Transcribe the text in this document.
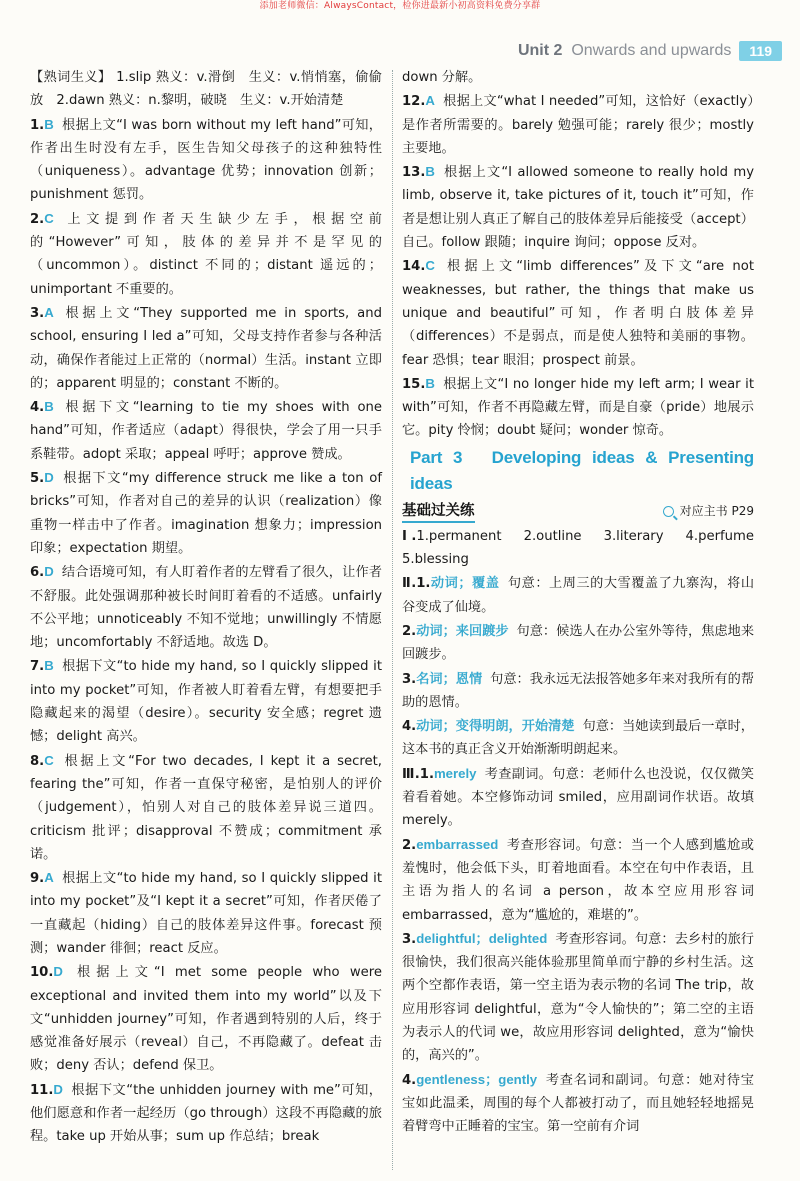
添加老师微信：AlwaysContact，检你进最新小初高资料免费分享群
Unit 2 Onwards and upwards	119

【熟词生义】 1.slip 熟义：v.滑倒　生义：v.悄悄塞，偷偷放　2.dawn 熟义：n.黎明，破晓　生义：v.开始清楚

1.B 根据上文“I was born without my left hand”可知，作者出生时没有左手，医生告知父母孩子的这种独特性（uniqueness）。advantage 优势；innovation 创新；punishment 惩罚。

2.C 上文提到作者天生缺少左手，根据空前的“However”可知，肢体的差异并不是罕见的（uncommon）。distinct 不同的；distant 遥远的；unimportant 不重要的。

3.A 根据上文“They supported me in sports, and school, ensuring I led a”可知，父母支持作者参与各种活动，确保作者能过上正常的（normal）生活。instant 立即的；apparent 明显的；constant 不断的。

4.B 根据下文“learning to tie my shoes with one hand”可知，作者适应（adapt）得很快，学会了用一只手系鞋带。adopt 采取；appeal 呼吁；approve 赞成。

5.D 根据下文“my difference struck me like a ton of bricks”可知，作者对自己的差异的认识（realization）像重物一样击中了作者。imagination 想象力；impression 印象；expectation 期望。

6.D 结合语境可知，有人盯着作者的左臂看了很久，让作者不舒服。此处强调那种被长时间盯着看的不适感。unfairly 不公平地；unnoticeably 不知不觉地；unwillingly 不情愿地；uncomfortably 不舒适地。故选 D。

7.B 根据下文“to hide my hand, so I quickly slipped it into my pocket”可知，作者被人盯着看左臂，有想要把手隐藏起来的渴望（desire）。security 安全感；regret 遗憾；delight 高兴。

8.C 根据上文“For two decades, I kept it a secret, fearing the”可知，作者一直保守秘密，是怕别人的评价（judgement），怕别人对自己的肢体差异说三道四。criticism 批评；disapproval 不赞成；commitment 承诺。

9.A 根据上文“to hide my hand, so I quickly slipped it into my pocket”及“I kept it a secret”可知，作者厌倦了一直藏起（hiding）自己的肢体差异这件事。forecast 预测；wander 徘徊；react 反应。

10.D 根据上文“I met some people who were exceptional and invited them into my world”以及下文“unhidden journey”可知，作者遇到特别的人后，终于感觉准备好展示（reveal）自己，不再隐藏了。defeat 击败；deny 否认；defend 保卫。

11.D 根据下文“the unhidden journey with me”可知，他们愿意和作者一起经历（go through）这段不再隐藏的旅程。take up 开始从事；sum up 作总结；break

down 分解。

12.A 根据上文“what I needed”可知，这恰好（exactly）是作者所需要的。barely 勉强可能；rarely 很少；mostly 主要地。

13.B 根据上文“I allowed someone to really hold my limb, observe it, take pictures of it, touch it”可知，作者是想让别人真正了解自己的肢体差异后能接受（accept）自己。follow 跟随；inquire 询问；oppose 反对。

14.C 根据上文“limb differences”及下文“are not weaknesses, but rather, the things that make us unique and beautiful”可知，作者明白肢体差异（differences）不是弱点，而是使人独特和美丽的事物。fear 恐惧；tear 眼泪；prospect 前景。

15.B 根据上文“I no longer hide my left arm; I wear it with”可知，作者不再隐藏左臂，而是自豪（pride）地展示它。pity 怜悯；doubt 疑问；wonder 惊奇。

Part 3　Developing ideas & Presenting ideas
基础过关练	对应主书 P29

Ⅰ.1.permanent　2.outline　3.literary　4.perfume　5.blessing

Ⅱ.1.动词；覆盖 句意：上周三的大雪覆盖了九寨沟，将山谷变成了仙境。

2.动词；来回踱步 句意：候选人在办公室外等待，焦虑地来回踱步。

3.名词；恩情 句意：我永远无法报答她多年来对我所有的帮助的恩情。

4.动词；变得明朗，开始清楚 句意：当她读到最后一章时，这本书的真正含义开始渐渐明朗起来。

Ⅲ.1.merely 考查副词。句意：老师什么也没说，仅仅微笑着看着她。本空修饰动词 smiled，应用副词作状语。故填 merely。

2.embarrassed 考查形容词。句意：当一个人感到尴尬或羞愧时，他会低下头，盯着地面看。本空在句中作表语，且主语为指人的名词 a person，故本空应用形容词 embarrassed，意为“尴尬的，难堪的”。

3.delightful；delighted 考查形容词。句意：去乡村的旅行很愉快，我们很高兴能体验那里简单而宁静的乡村生活。这两个空都作表语，第一空主语为表示物的名词 The trip，故应用形容词 delightful，意为“令人愉快的”；第二空的主语为表示人的代词 we，故应用形容词 delighted，意为“愉快的，高兴的”。

4.gentleness；gently 考查名词和副词。句意：她对待宝宝如此温柔，周围的每个人都被打动了，而且她轻轻地摇晃着臂弯中正睡着的宝宝。第一空前有介词
